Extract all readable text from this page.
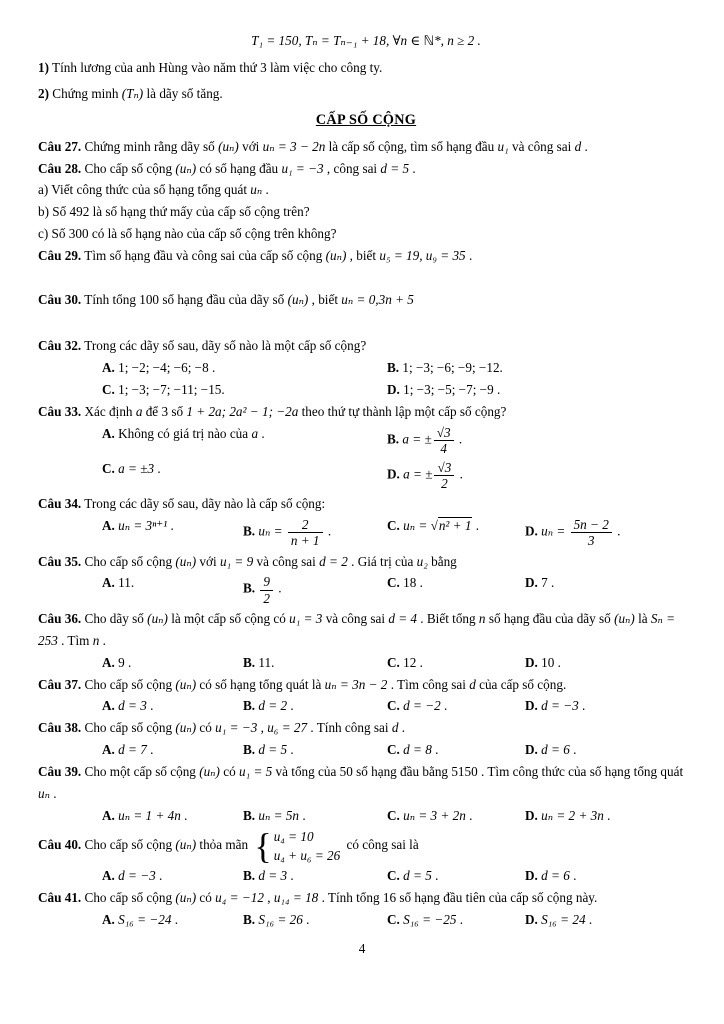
T₁ = 150, Tₙ = Tₙ₋₁ + 18, ∀n ∈ ℕ*, n ≥ 2 .
1) Tính lương của anh Hùng vào năm thứ 3 làm việc cho công ty.
2) Chứng minh (Tₙ) là dãy số tăng.
CẤP SỐ CỘNG
Câu 27. Chứng minh rằng dãy số (uₙ) với uₙ = 3 − 2n là cấp số cộng, tìm số hạng đầu u₁ và công sai d .
Câu 28. Cho cấp số cộng (uₙ) có số hạng đầu u₁ = −3 , công sai d = 5 .
a) Viết công thức của số hạng tổng quát uₙ .
b) Số 492 là số hạng thứ mấy của cấp số cộng trên?
c) Số 300 có là số hạng nào của cấp số cộng trên không?
Câu 29. Tìm số hạng đầu và công sai của cấp số cộng (uₙ) , biết u₅ = 19, u₉ = 35 .
Câu 30. Tính tổng 100 số hạng đầu của dãy số (uₙ) , biết uₙ = 0,3n + 5
Câu 32. Trong các dãy số sau, dãy số nào là một cấp số cộng?
A. 1; −2; −4; −6; −8 .	B. 1; −3; −6; −9; −12.
C. 1; −3; −7; −11; −15.	D. 1; −3; −5; −7; −9 .
Câu 33. Xác định a để 3 số 1 + 2a; 2a² − 1; −2a theo thứ tự thành lập một cấp số cộng?
A. Không có giá trị nào của a .	B. a = ± $\frac{√3}{4}$ .
C. a = ±3 .	D. a = ± $\frac{√3}{2}$ .
Câu 34. Trong các dãy số sau, dãy nào là cấp số cộng:
A. uₙ = 3ⁿ⁺¹ .	B. $u_n = \frac{2}{n + 1}$ .	C. uₙ = √n² + 1 .	D. $u_n = \frac{5n - 2}{3}$ .
Câu 35. Cho cấp số cộng (uₙ) với u₁ = 9 và công sai d = 2 . Giá trị của u₂ bằng
A. 11.	B. $\frac{9}{2}$ .	C. 18 .	D. 7 .
Câu 36. Cho dãy số (uₙ) là một cấp số cộng có u₁ = 3 và công sai d = 4 . Biết tổng n số hạng đầu của dãy số (uₙ) là Sₙ = 253 . Tìm n .
A. 9 .	B. 11.	C. 12 .	D. 10 .
Câu 37. Cho cấp số cộng (uₙ) có số hạng tổng quát là uₙ = 3n − 2 . Tìm công sai d của cấp số cộng.
A. d = 3 .	B. d = 2 .	C. d = −2 .	D. d = −3 .
Câu 38. Cho cấp số cộng (uₙ) có u₁ = −3 , u₆ = 27 . Tính công sai d .
A. d = 7 .	B. d = 5 .	C. d = 8 .	D. d = 6 .
Câu 39. Cho một cấp số cộng (uₙ) có u₁ = 5 và tổng của 50 số hạng đầu bằng 5150 . Tìm công thức của số hạng tổng quát uₙ .
A. uₙ = 1 + 4n .	B. uₙ = 5n .	C. uₙ = 3 + 2n .	D. uₙ = 2 + 3n .
Câu 40. Cho cấp số cộng (uₙ) thỏa mãn { u₄ = 10
u₄ + u₆ = 26
có công sai là
A. d = −3 .	B. d = 3 .	C. d = 5 .	D. d = 6 .
Câu 41. Cho cấp số cộng (uₙ) có u₄ = −12 , u₁₄ = 18 . Tính tổng 16 số hạng đầu tiên của cấp số cộng này.
A. S₁₆ = −24 .	B. S₁₆ = 26 .	C. S₁₆ = −25 .	D. S₁₆ = 24 .
4
